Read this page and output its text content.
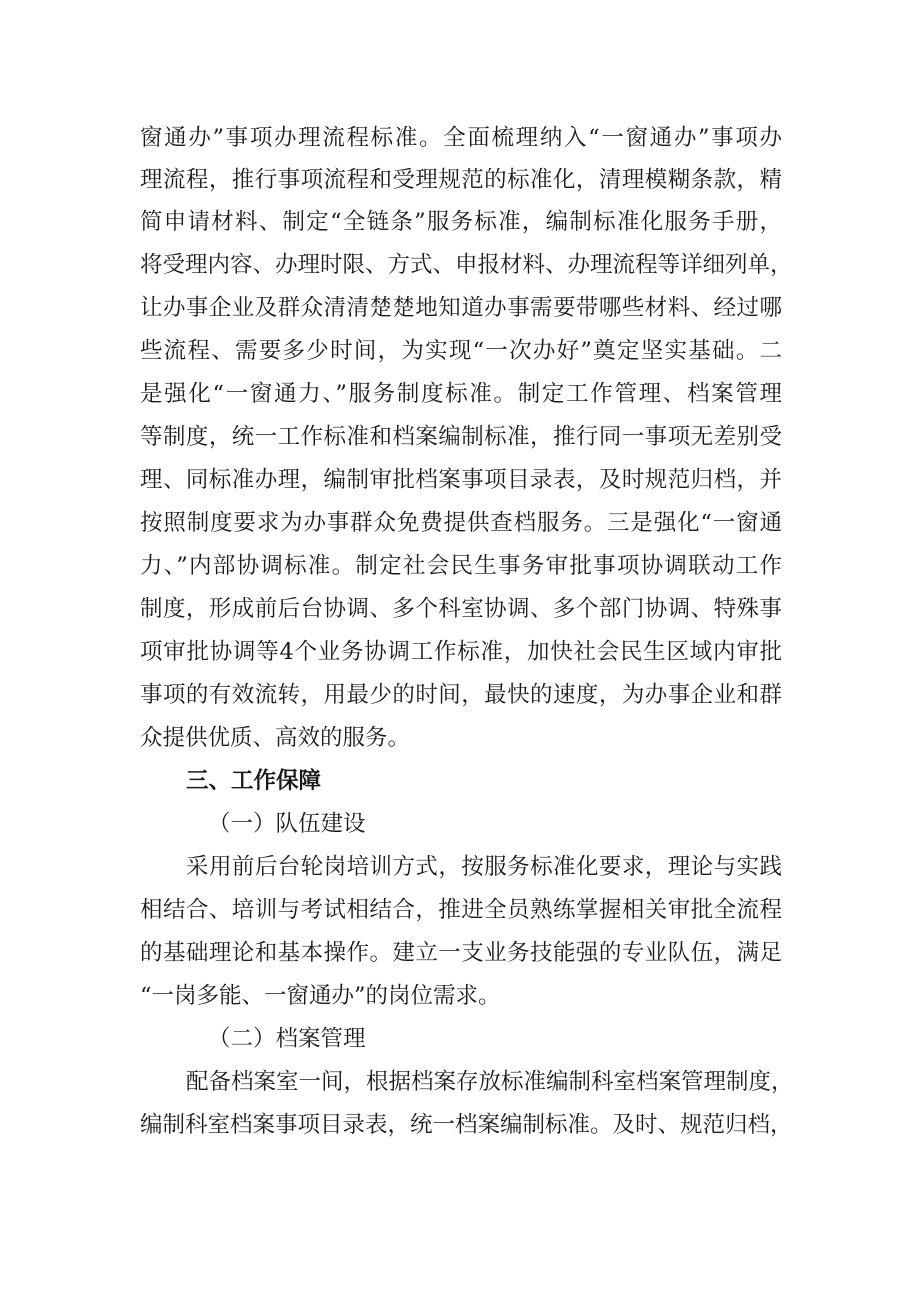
窗通办”事项办理流程标准。全面梳理纳入“一窗通办”事项办
理流程，推行事项流程和受理规范的标准化，清理模糊条款，精
简申请材料、制定“全链条”服务标准，编制标准化服务手册，
将受理内容、办理时限、方式、申报材料、办理流程等详细列单，
让办事企业及群众清清楚楚地知道办事需要带哪些材料、经过哪
些流程、需要多少时间，为实现“一次办好”奠定坚实基础。二
是强化“一窗通力、”服务制度标准。制定工作管理、档案管理
等制度，统一工作标准和档案编制标准，推行同一事项无差别受
理、同标准办理，编制审批档案事项目录表，及时规范归档，并
按照制度要求为办事群众免费提供查档服务。三是强化“一窗通
力、”内部协调标准。制定社会民生事务审批事项协调联动工作
制度，形成前后台协调、多个科室协调、多个部门协调、特殊事
项审批协调等4个业务协调工作标准，加快社会民生区域内审批
事项的有效流转，用最少的时间，最快的速度，为办事企业和群
众提供优质、高效的服务。
三、工作保障
（一）队伍建设
采用前后台轮岗培训方式，按服务标准化要求，理论与实践
相结合、培训与考试相结合，推进全员熟练掌握相关审批全流程
的基础理论和基本操作。建立一支业务技能强的专业队伍，满足
“一岗多能、一窗通办”的岗位需求。
（二）档案管理
配备档案室一间，根据档案存放标准编制科室档案管理制度，
编制科室档案事项目录表，统一档案编制标准。及时、规范归档，
